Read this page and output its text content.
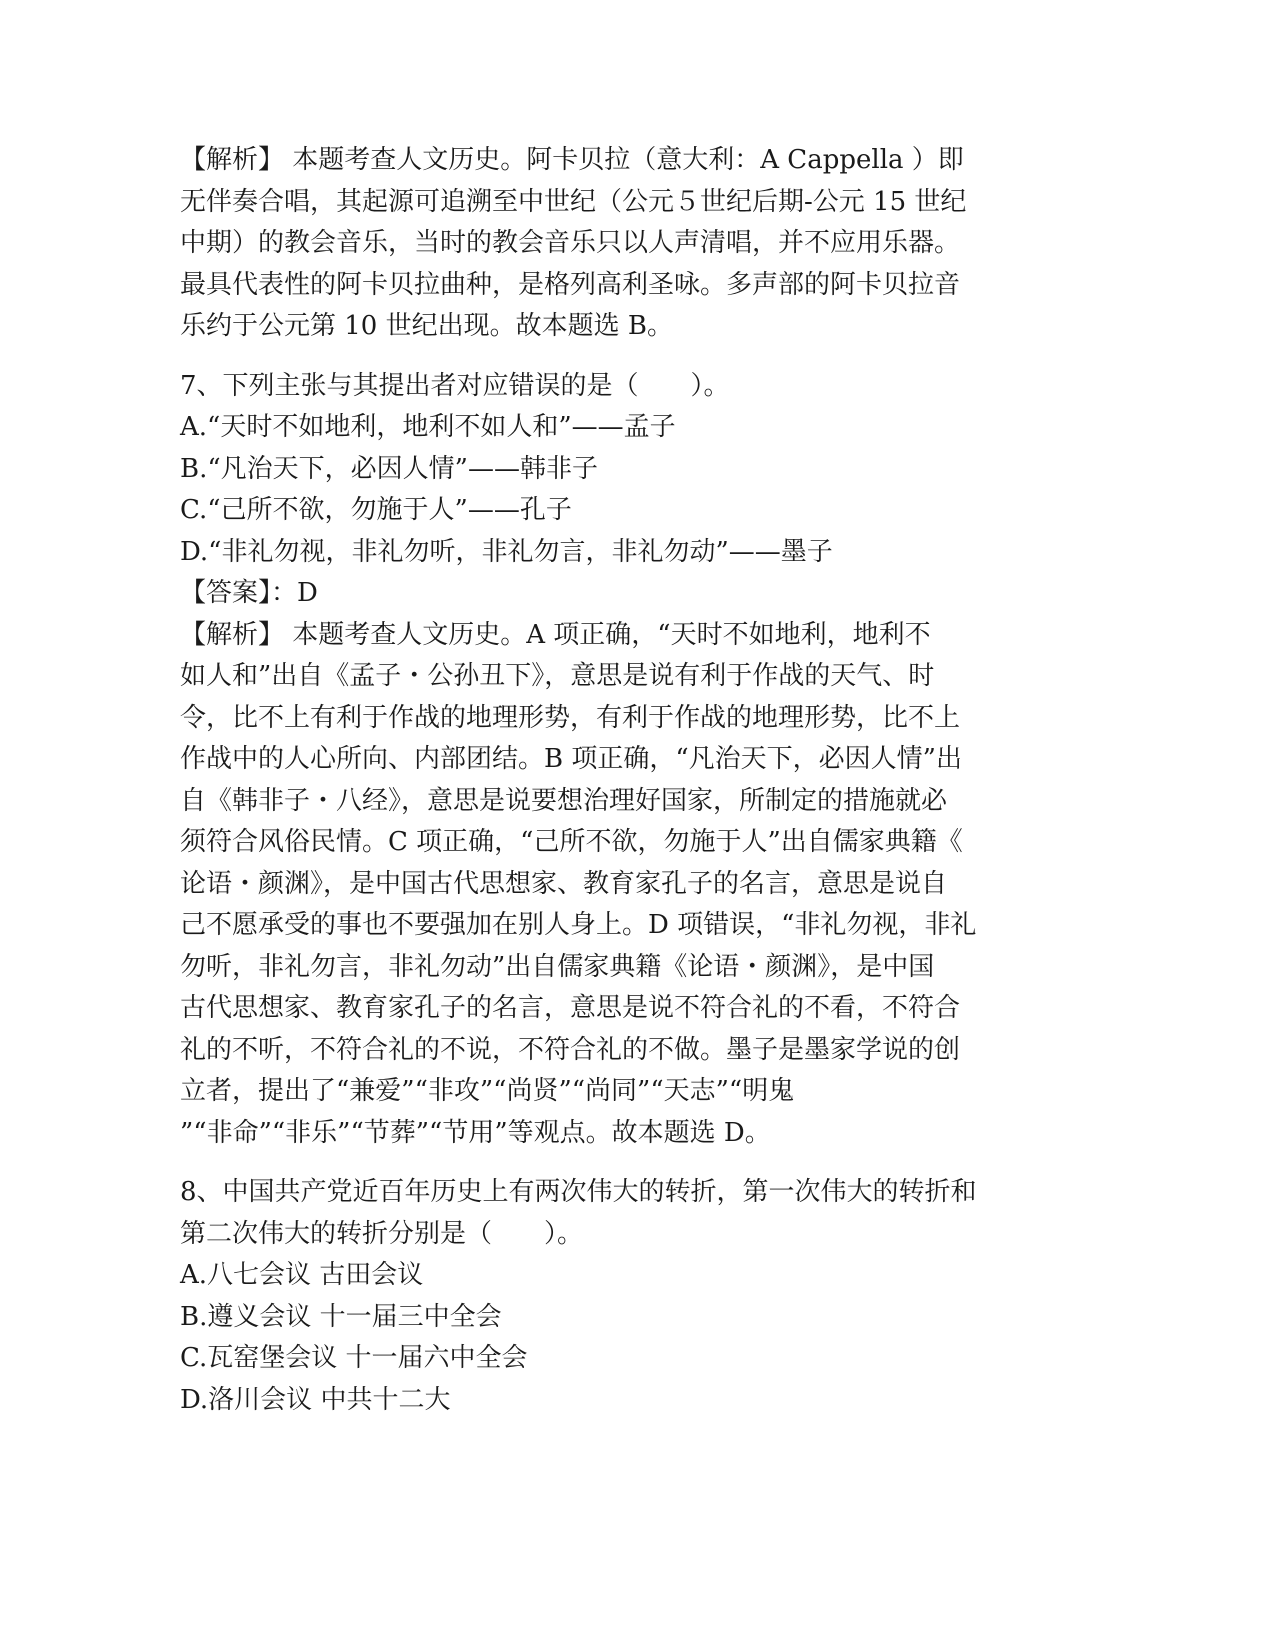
【解析】 本题考查人文历史。阿卡贝拉（意大利：A Cappella ）即
无伴奏合唱，其起源可追溯至中世纪（公元５世纪后期-公元 15 世纪
中期）的教会音乐，当时的教会音乐只以人声清唱，并不应用乐器。
最具代表性的阿卡贝拉曲种，是格列高利圣咏。多声部的阿卡贝拉音
乐约于公元第 10 世纪出现。故本题选 B。
7、下列主张与其提出者对应错误的是（　　）。
A.“天时不如地利，地利不如人和”——孟子
B.“凡治天下，必因人情”——韩非子
C.“己所不欲，勿施于人”——孔子
D.“非礼勿视，非礼勿听，非礼勿言，非礼勿动”——墨子
【答案】：D
【解析】 本题考查人文历史。A 项正确，“天时不如地利，地利不
如人和”出自《孟子・公孙丑下》，意思是说有利于作战的天气、时
令，比不上有利于作战的地理形势，有利于作战的地理形势，比不上
作战中的人心所向、内部团结。B 项正确，“凡治天下，必因人情”出
自《韩非子・八经》，意思是说要想治理好国家，所制定的措施就必
须符合风俗民情。C 项正确，“己所不欲，勿施于人”出自儒家典籍《
论语・颜渊》，是中国古代思想家、教育家孔子的名言，意思是说自
己不愿承受的事也不要强加在别人身上。D 项错误，“非礼勿视，非礼
勿听，非礼勿言，非礼勿动”出自儒家典籍《论语・颜渊》，是中国
古代思想家、教育家孔子的名言，意思是说不符合礼的不看，不符合
礼的不听，不符合礼的不说，不符合礼的不做。墨子是墨家学说的创
立者，提出了“兼爱”“非攻”“尚贤”“尚同”“天志”“明鬼
”“非命”“非乐”“节葬”“节用”等观点。故本题选 D。
8、中国共产党近百年历史上有两次伟大的转折，第一次伟大的转折和
第二次伟大的转折分别是（　　）。
A.八七会议 古田会议
B.遵义会议 十一届三中全会
C.瓦窑堡会议 十一届六中全会
D.洛川会议 中共十二大
